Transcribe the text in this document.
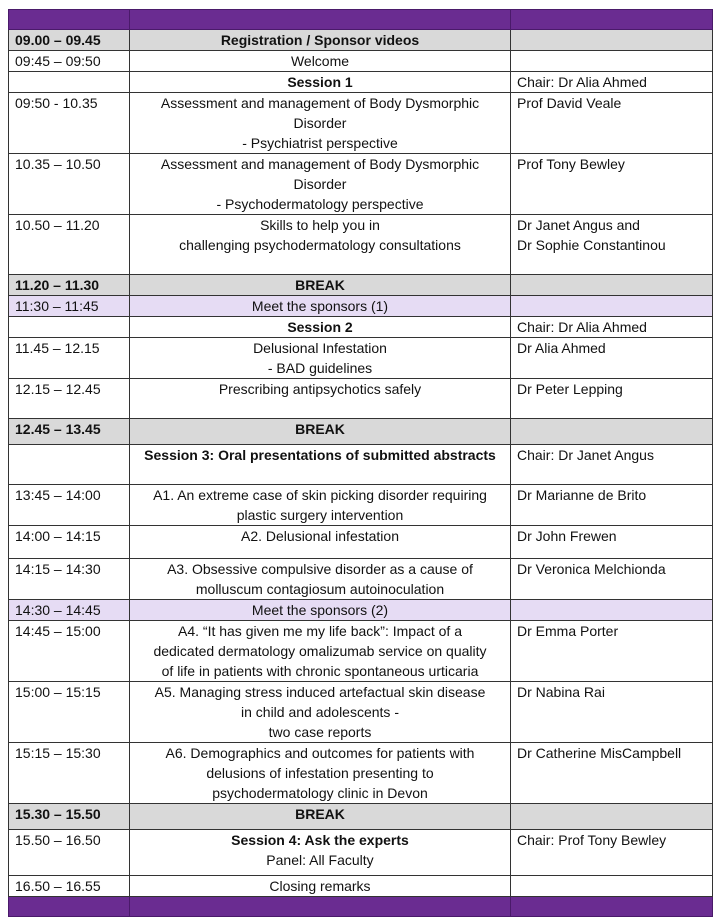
09.00 – 09.45	Registration / Sponsor videos	

09:45 – 09:50	Welcome	

	Session 1	Chair: Dr Alia Ahmed

09:50 - 10.35	Assessment and management of Body Dysmorphic
Disorder
- Psychiatrist perspective	Prof David Veale

10.35 – 10.50	Assessment and management of Body Dysmorphic
Disorder
- Psychodermatology perspective	Prof Tony Bewley

10.50 – 11.20	Skills to help you in
challenging psychodermatology consultations	Dr Janet Angus and
Dr Sophie Constantinou

11.20 – 11.30	BREAK	

11:30 – 11:45	Meet the sponsors (1)	

	Session 2	Chair: Dr Alia Ahmed

11.45 – 12.15	Delusional Infestation
- BAD guidelines	Dr Alia Ahmed

12.15 – 12.45	Prescribing antipsychotics safely	Dr Peter Lepping

12.45 – 13.45	BREAK	

	Session 3: Oral presentations of submitted abstracts	Chair: Dr Janet Angus

13:45 – 14:00	A1. An extreme case of skin picking disorder requiring
plastic surgery intervention	Dr Marianne de Brito

14:00 – 14:15	A2. Delusional infestation	Dr John Frewen

14:15 – 14:30	A3. Obsessive compulsive disorder as a cause of
molluscum contagiosum autoinoculation	Dr Veronica Melchionda

14:30 – 14:45	Meet the sponsors (2)	

14:45 – 15:00	A4. “It has given me my life back”: Impact of a
dedicated dermatology omalizumab service on quality
of life in patients with chronic spontaneous urticaria	Dr Emma Porter

15:00 – 15:15	A5. Managing stress induced artefactual skin disease
in child and adolescents -
two case reports	Dr Nabina Rai

15:15 – 15:30	A6. Demographics and outcomes for patients with
delusions of infestation presenting to
psychodermatology clinic in Devon	Dr Catherine MisCampbell

15.30 – 15.50	BREAK	

15.50 – 16.50	Session 4: Ask the experts
Panel: All Faculty	Chair: Prof Tony Bewley

16.50 – 16.55	Closing remarks	
